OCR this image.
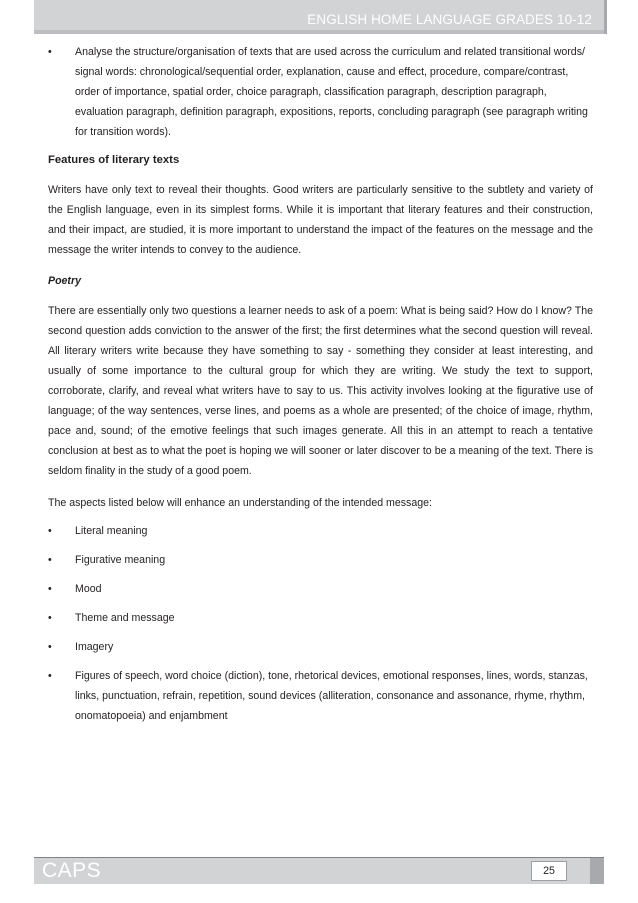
ENGLISH HOME LANGUAGE GRADES 10-12
•	Analyse the structure/organisation of texts that are used across the curriculum and related transitional words/ signal words: chronological/sequential order, explanation, cause and effect, procedure, compare/contrast, order of importance, spatial order, choice paragraph, classification paragraph, description paragraph, evaluation paragraph, definition paragraph, expositions, reports, concluding paragraph (see paragraph writing for transition words).
Features of literary texts

Writers have only text to reveal their thoughts. Good writers are particularly sensitive to the subtlety and variety of the English language, even in its simplest forms. While it is important that literary features and their construction, and their impact, are studied, it is more important to understand the impact of the features on the message and the message the writer intends to convey to the audience.

Poetry

There are essentially only two questions a learner needs to ask of a poem: What is being said? How do I know? The second question adds conviction to the answer of the first; the first determines what the second question will reveal. All literary writers write because they have something to say - something they consider at least interesting, and usually of some importance to the cultural group for which they are writing. We study the text to support, corroborate, clarify, and reveal what writers have to say to us. This activity involves looking at the figurative use of language; of the way sentences, verse lines, and poems as a whole are presented; of the choice of image, rhythm, pace and, sound; of the emotive feelings that such images generate. All this in an attempt to reach a tentative conclusion at best as to what the poet is hoping we will sooner or later discover to be a meaning of the text. There is seldom finality in the study of a good poem.

The aspects listed below will enhance an understanding of the intended message:

•	Literal meaning
•	Figurative meaning
•	Mood
•	Theme and message
•	Imagery
•	Figures of speech, word choice (diction), tone, rhetorical devices, emotional responses, lines, words, stanzas, links, punctuation, refrain, repetition, sound devices (alliteration, consonance and assonance, rhyme, rhythm, onomatopoeia) and enjambment
CAPS	25
